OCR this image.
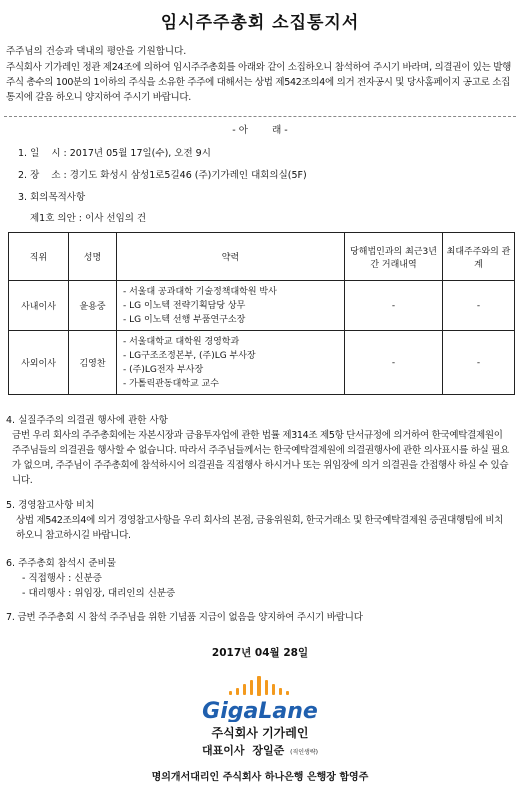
임시주주총회 소집통지서
주주님의 건승과 댁내의 평안을 기원합니다.
주식회사 기가레인 정관 제24조에 의하여 임시주주총회를 아래와 같이 소집하오니 참석하여 주시기 바라며, 의결권이 있는 발행주식 총수의 100분의 1이하의 주식을 소유한 주주에 대해서는 상법 제542조의4에 의거 전자공시 및 당사홈페이지 공고로 소집통지에 갈음 하오니 양지하여 주시기 바랍니다.
- 아        래 -
1. 일    시 : 2017년 05월 17일(수), 오전 9시
2. 장    소 : 경기도 화성시 삼성1로5길46 (주)기가레인 대회의실(5F)
3. 회의목적사항
제1호 의안 : 이사 선임의 건
직위	성명	약력	당해법인과의 최근3년간 거래내역	최대주주와의 관계
사내이사	윤용중	- 서울대 공과대학 기술정책대학원 박사
- LG 이노텍 전략기획담당 상무
- LG 이노텍 선행 부품연구소장	-	-
사외이사	김영찬	- 서울대학교 대학원 경영학과
- LG구조조정본부, (주)LG 부사장
- (주)LG전자 부사장
- 가톨릭관동대학교 교수	-	-
4. 실질주주의 의결권 행사에 관한 사항
금번 우리 회사의 주주총회에는 자본시장과 금융투자업에 관한 법률 제314조 제5항 단서규정에 의거하여 한국예탁결제원이 주주님들의 의결권을 행사할 수 없습니다. 따라서 주주님들께서는 한국예탁결제원에 의결권행사에 관한 의사표시를 하실 필요가 없으며, 주주님이 주주총회에 참석하시어 의결권을 직접행사 하시거나 또는 위임장에 의거 의결권을 간접행사 하실 수 있습니다.
5. 경영참고사항 비치
상법 제542조의4에 의거 경영참고사항을 우리 회사의 본점, 금융위원회, 한국거래소 및 한국예탁결제원 증권대행팀에 비치하오니 참고하시길 바랍니다.
6. 주주총회 참석시 준비물
- 직접행사 : 신분증
- 대리행사 : 위임장, 대리인의 신분증
7. 금번 주주총회 시 참석 주주님을 위한 기념품 지급이 없음을 양지하여 주시기 바랍니다
2017년 04월 28일
GigaLane
주식회사 기가레인
대표이사 장일준 (직인생략)
명의개서대리인 주식회사 하나은행 은행장 함영주
